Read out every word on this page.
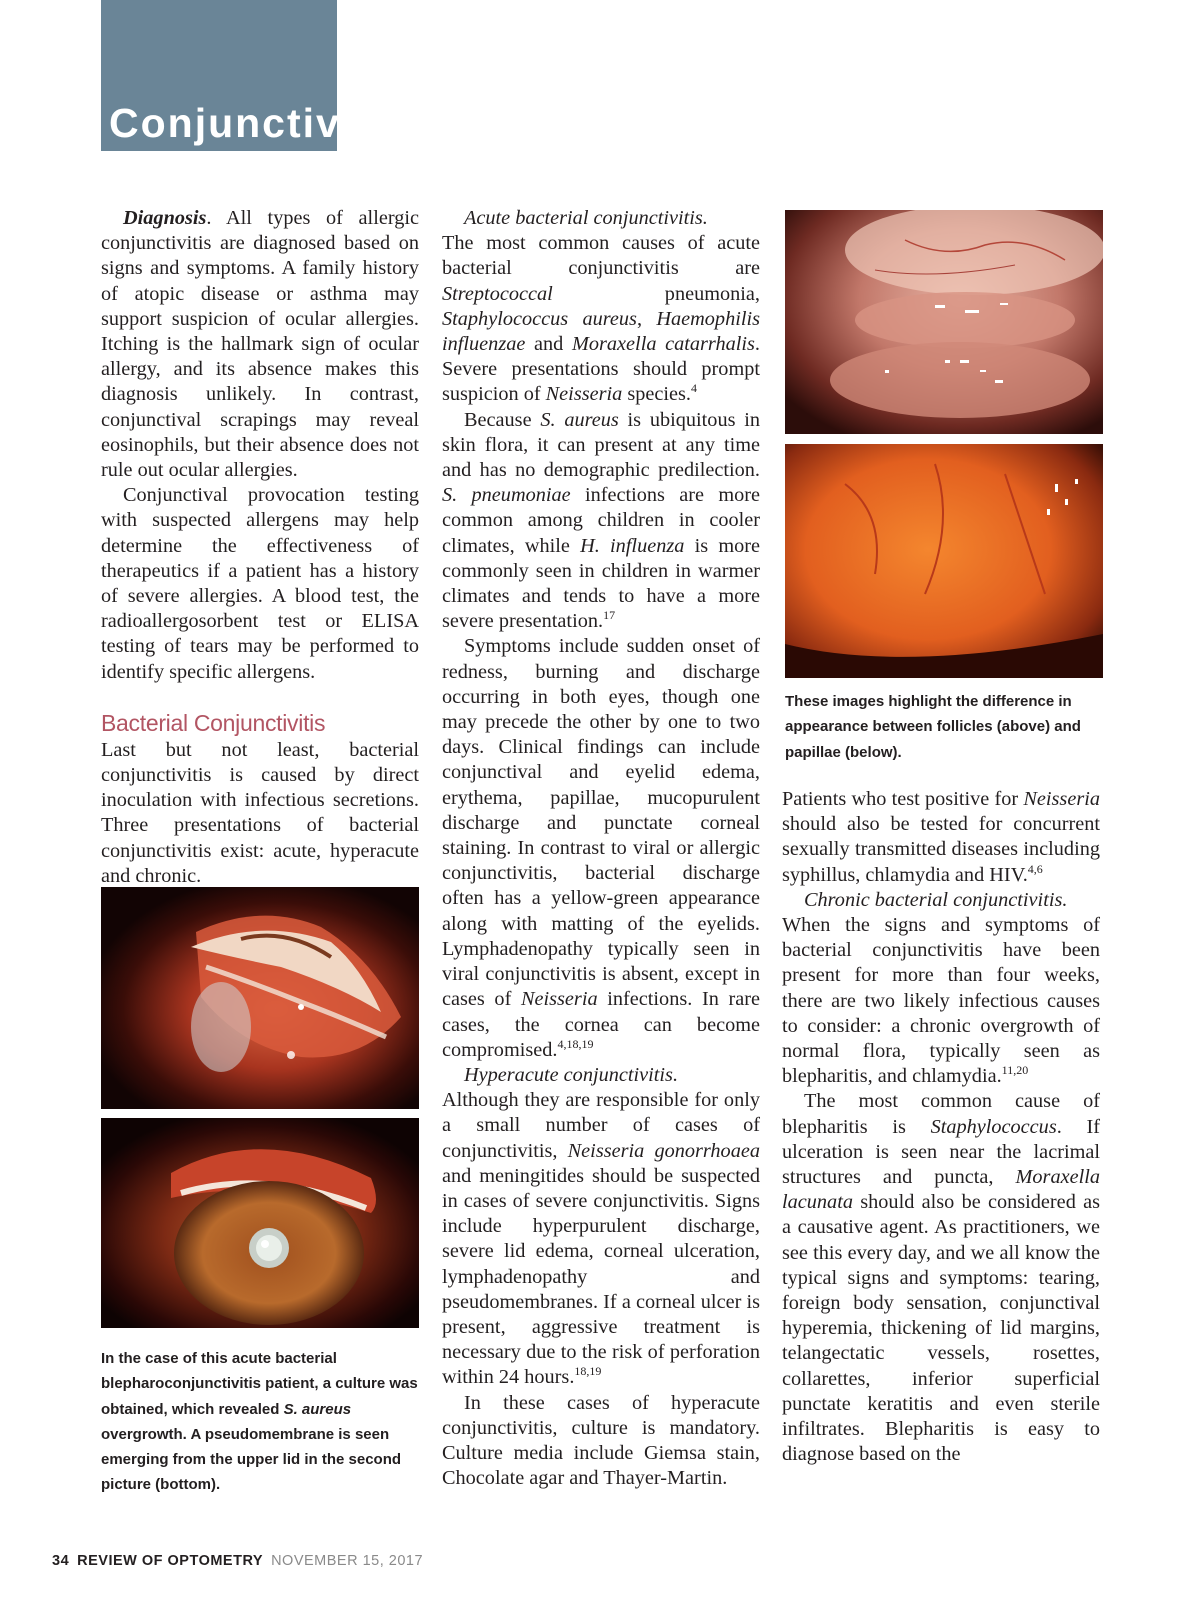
Conjunctiva

Diagnosis. All types of allergic conjunctivitis are diagnosed based on signs and symptoms. A family history of atopic disease or asthma may support suspicion of ocular allergies. Itching is the hallmark sign of ocular allergy, and its absence makes this diagnosis unlikely. In contrast, conjunctival scrapings may reveal eosinophils, but their absence does not rule out ocular allergies.

Conjunctival provocation testing with suspected allergens may help determine the effectiveness of therapeutics if a patient has a history of severe allergies. A blood test, the radioallergosorbent test or ELISA testing of tears may be performed to identify specific allergens.

Bacterial Conjunctivitis

Last but not least, bacterial conjunctivitis is caused by direct inoculation with infectious secretions. Three presentations of bacterial conjunctivitis exist: acute, hyperacute and chronic.

In the case of this acute bacterial blepharoconjunctivitis patient, a culture was obtained, which revealed S. aureus overgrowth. A pseudomembrane is seen emerging from the upper lid in the second picture (bottom).

Acute bacterial conjunctivitis.
The most common causes of acute bacterial conjunctivitis are Streptococcal pneumonia, Staphylococcus aureus, Haemophilis influenzae and Moraxella catarrhalis. Severe presentations should prompt suspicion of Neisseria species.$^4$

Because S. aureus is ubiquitous in skin flora, it can present at any time and has no demographic predilection. S. pneumoniae infections are more common among children in cooler climates, while H. influenza is more commonly seen in children in warmer climates and tends to have a more severe presentation.$^{17}$

Symptoms include sudden onset of redness, burning and discharge occurring in both eyes, though one may precede the other by one to two days. Clinical findings can include conjunctival and eyelid edema, erythema, papillae, mucopurulent discharge and punctate corneal staining. In contrast to viral or allergic conjunctivitis, bacterial discharge often has a yellow-green appearance along with matting of the eyelids. Lymphadenopathy typically seen in viral conjunctivitis is absent, except in cases of Neisseria infections. In rare cases, the cornea can become compromised.$^{4,18,19}$

Hyperacute conjunctivitis.
Although they are responsible for only a small number of cases of conjunctivitis, Neisseria gonorrhoaea and meningitides should be suspected in cases of severe conjunctivitis. Signs include hyperpurulent discharge, severe lid edema, corneal ulceration, lymphadenopathy and pseudomembranes. If a corneal ulcer is present, aggressive treatment is necessary due to the risk of perforation within 24 hours.$^{18,19}$

In these cases of hyperacute conjunctivitis, culture is mandatory. Culture media include Giemsa stain, Chocolate agar and Thayer-Martin.

These images highlight the difference in appearance between follicles (above) and papillae (below).

Patients who test positive for Neisseria should also be tested for concurrent sexually transmitted diseases including syphillus, chlamydia and HIV.$^{4,6}$

Chronic bacterial conjunctivitis.
When the signs and symptoms of bacterial conjunctivitis have been present for more than four weeks, there are two likely infectious causes to consider: a chronic overgrowth of normal flora, typically seen as blepharitis, and chlamydia.$^{11,20}$

The most common cause of blepharitis is Staphylococcus. If ulceration is seen near the lacrimal structures and puncta, Moraxella lacunata should also be considered as a causative agent. As practitioners, we see this every day, and we all know the typical signs and symptoms: tearing, foreign body sensation, conjunctival hyperemia, thickening of lid margins, telangectatic vessels, rosettes, collarettes, inferior superficial punctate keratitis and even sterile infiltrates. Blepharitis is easy to diagnose based on the

34 REVIEW OF OPTOMETRY NOVEMBER 15, 2017
